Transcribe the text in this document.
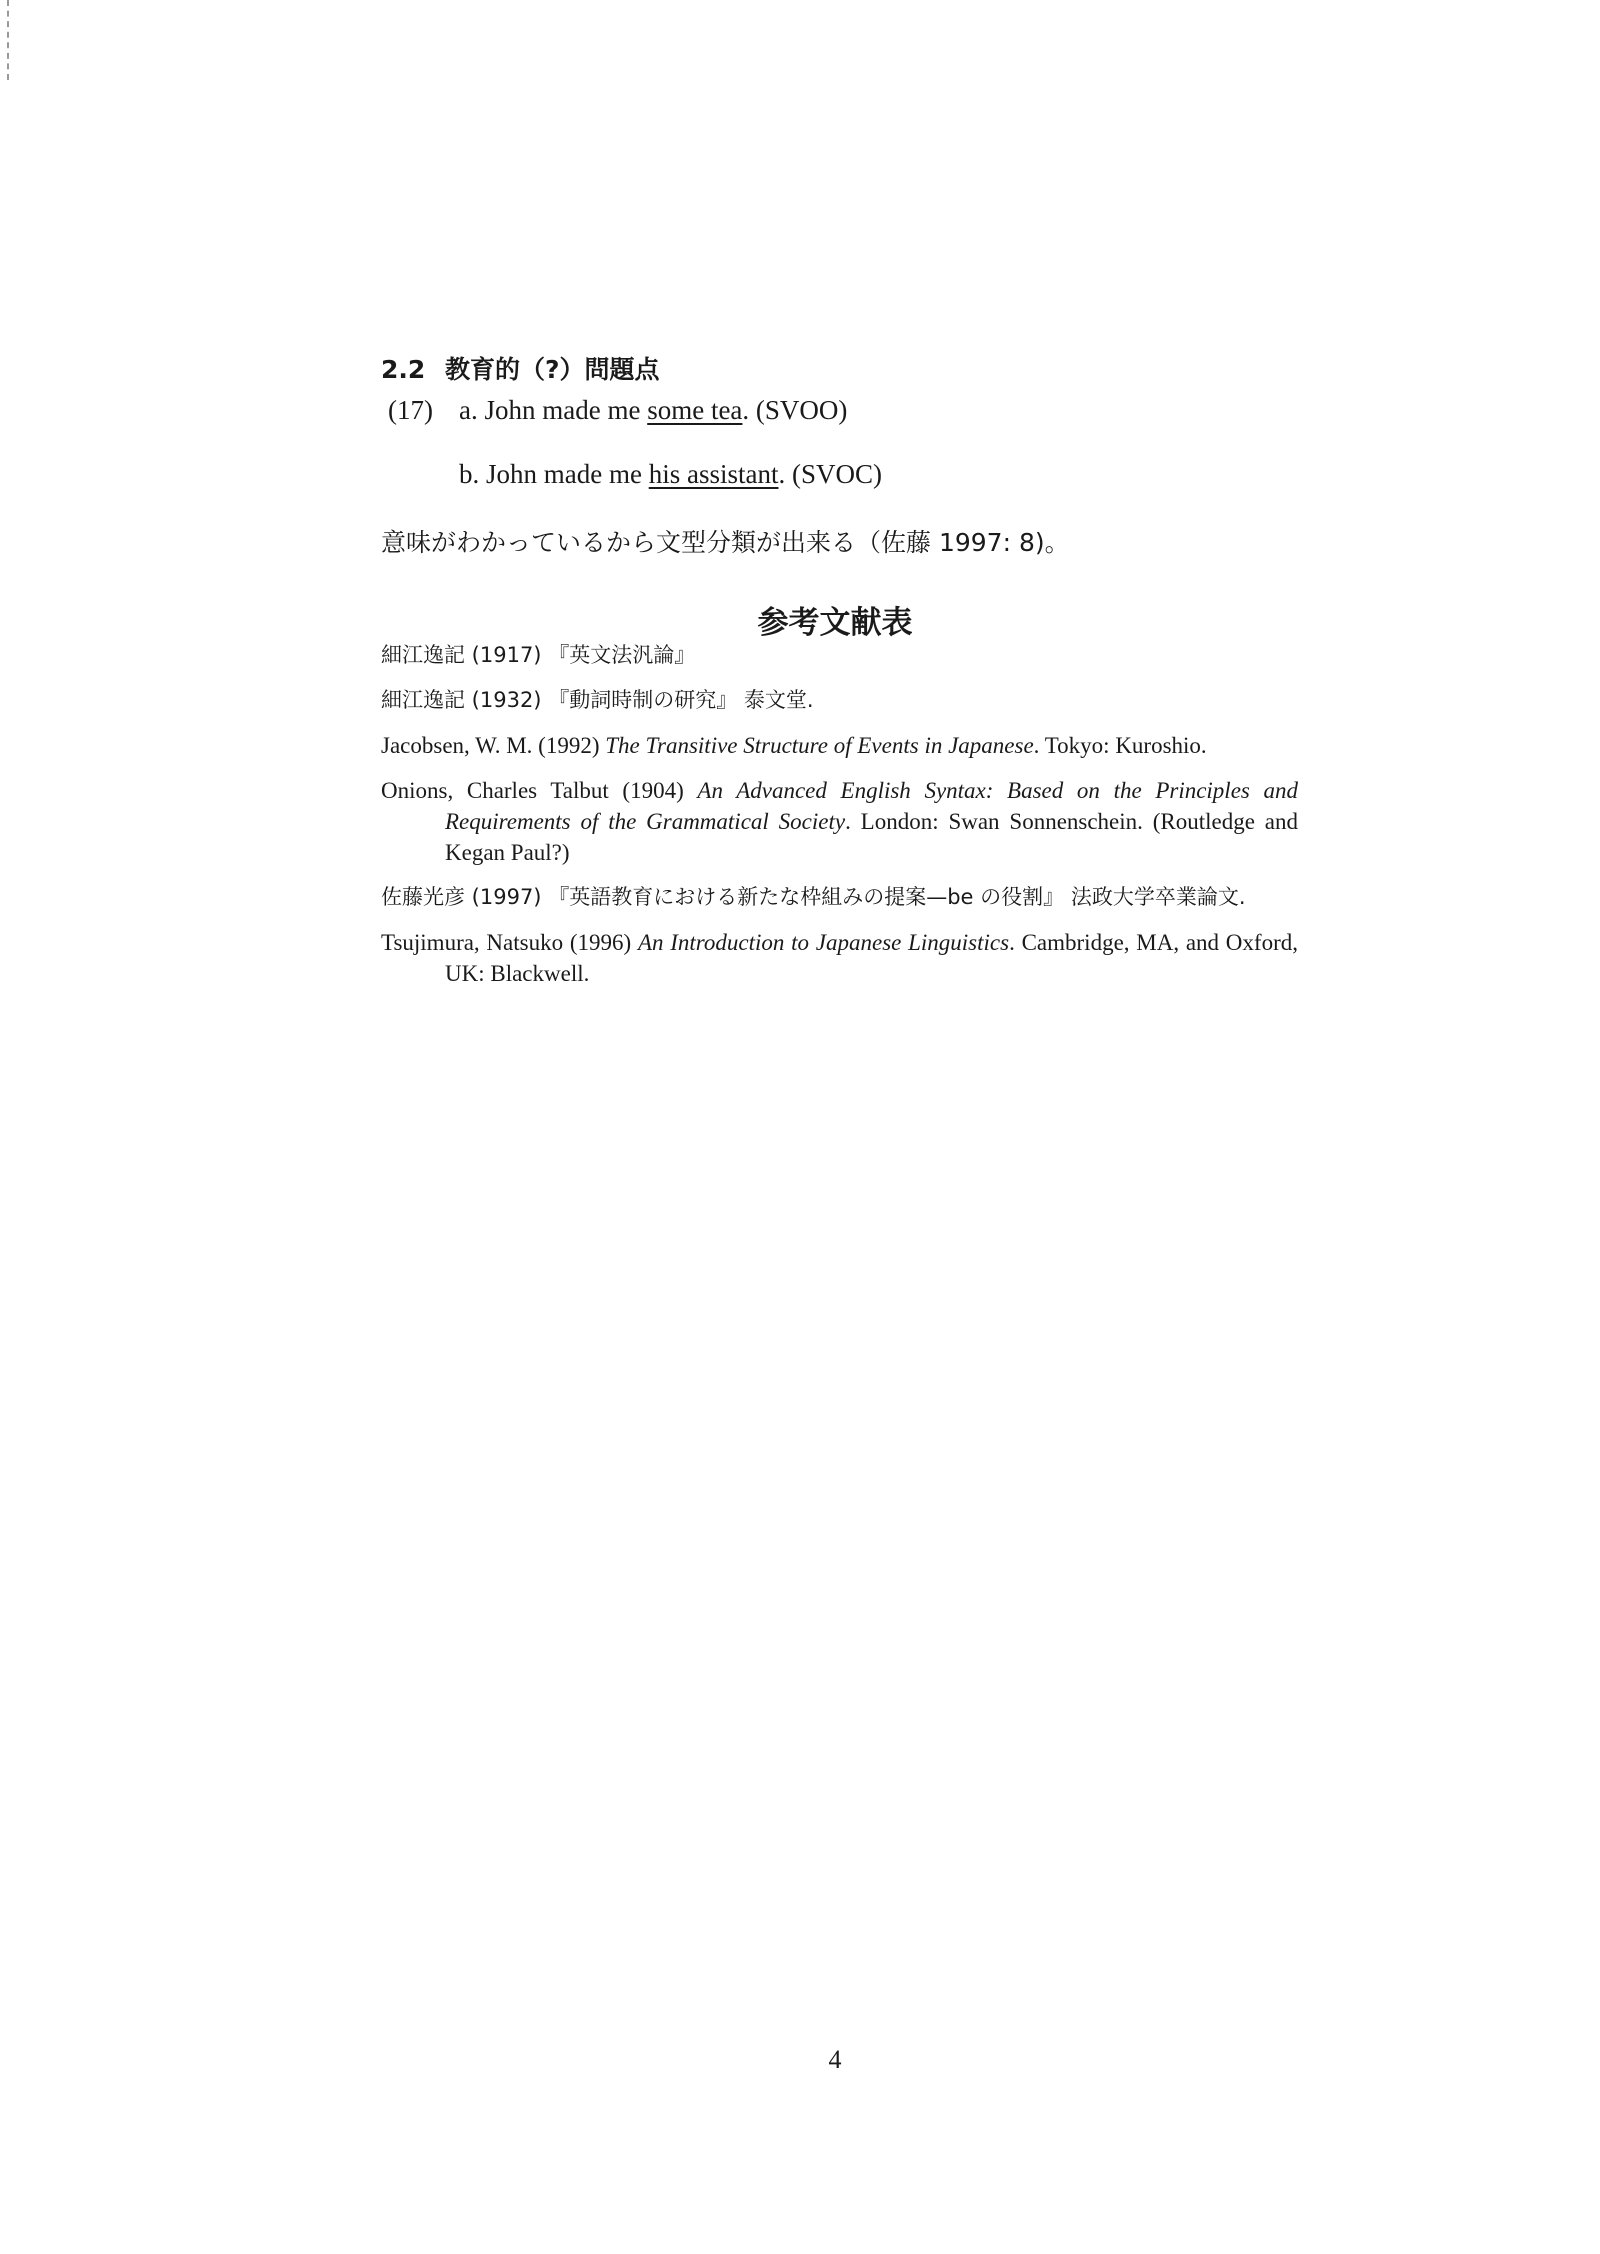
2.2 教育的（?）問題点
(17) a. John made me some tea. (SVOO)
b. John made me his assistant. (SVOC)
意味がわかっているから文型分類が出来る（佐藤 1997: 8)。
参考文献表
細江逸記 (1917) 『英文法汎論』
細江逸記 (1932) 『動詞時制の研究』 泰文堂.
Jacobsen, W. M. (1992) The Transitive Structure of Events in Japanese. Tokyo: Kuroshio.
Onions, Charles Talbut (1904) An Advanced English Syntax: Based on the Principles and Requirements of the Grammatical Society. London: Swan Sonnenschein. (Routledge and Kegan Paul?)
佐藤光彦 (1997) 『英語教育における新たな枠組みの提案—be の役割』 法政大学卒業論文.
Tsujimura, Natsuko (1996) An Introduction to Japanese Linguistics. Cambridge, MA, and Oxford, UK: Blackwell.
4
